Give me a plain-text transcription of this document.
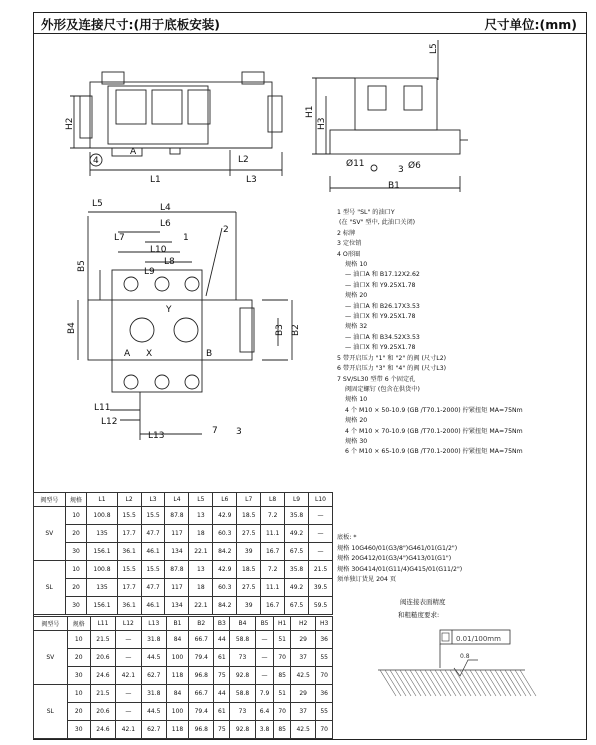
外形及连接尺寸:(用于底板安装)	尺寸单位:(mm)
L1
L2
L3
H2
4
A
H1
H3
L5
Ø11
3 Ø6
B1
L5	L4
L6
L7
L10
L8
L9
2
1
B5
B4	B3 B2
Y
A	B
X
L11
L12
L13	7 3
1 型号 "SL" 的油口Y
(在 "SV" 型中, 此油口关闭)
2 标牌
3 定位销
4 O形圈
规格 10
— 油口A 和 B17.12X2.62
— 油口X 和 Y9.25X1.78
规格 20
— 油口A 和 B26.17X3.53
— 油口X 和 Y9.25X1.78
规格 32
— 油口A 和 B34.52X3.53
— 油口X 和 Y9.25X1.78
5 带开启压力 "1" 和 "2" 的阀 (尺寸L2)
6 带开启压力 "3" 和 "4" 的阀 (尺寸L3)
7 SV/SL30 型带 6 个固定孔
阀固定螺钉 (包含在供货中)
规格 10
4 个 M10 × 50-10.9 (GB /T70.1-2000) 拧紧扭矩 MA=75Nm
规格 20
4 个 M10 × 70-10.9 (GB /T70.1-2000) 拧紧扭矩 MA=75Nm
规格 30
6 个 M10 × 65-10.9 (GB /T70.1-2000) 拧紧扭矩 MA=75Nm
底板: *
规格 10G460/01(G3/8")G461/01(G1/2")
规格 20G412/01(G3/4")G413/01(G1")
规格 30G414/01(G11/4)G415/01(G11/2")
须单独订货见 204 页
阀连接表面精度
和粗糙度要求:
0.01/100mm
0.8
阀型号	规格	L1	L2	L3	L4	L5	L6	L7	L8	L9	L10
SV	10	100.8	15.5	15.5	87.8	13	42.9	18.5	7.2	35.8	—
	20	135	17.7	47.7	117	18	60.3	27.5	11.1	49.2	—
	30	156.1	36.1	46.1	134	22.1	84.2	39	16.7	67.5	—
SL	10	100.8	15.5	15.5	87.8	13	42.9	18.5	7.2	35.8	21.5
	20	135	17.7	47.7	117	18	60.3	27.5	11.1	49.2	39.5
	30	156.1	36.1	46.1	134	22.1	84.2	39	16.7	67.5	59.5
阀型号	规格	L11	L12	L13	B1	B2	B3	B4	B5	H1	H2	H3
SV	10	21.5	—	31.8	84	66.7	44	58.8	—	51	29	36
	20	20.6	—	44.5	100	79.4	61	73	—	70	37	55
	30	24.6	42.1	62.7	118	96.8	75	92.8	—	85	42.5	70
SL	10	21.5	—	31.8	84	66.7	44	58.8	7.9	51	29	36
	20	20.6	—	44.5	100	79.4	61	73	6.4	70	37	55
	30	24.6	42.1	62.7	118	96.8	75	92.8	3.8	85	42.5	70
